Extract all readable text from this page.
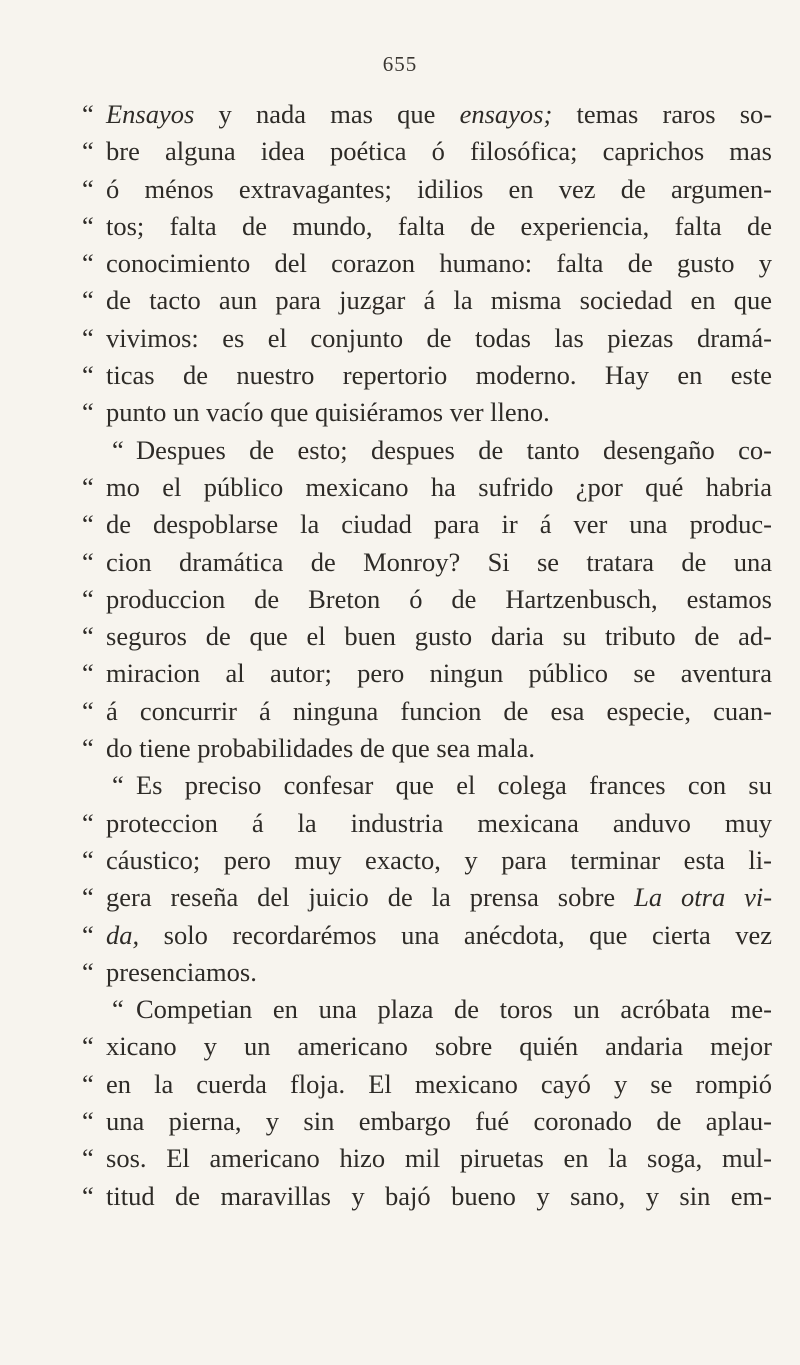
655
“ Ensayos y nada mas que ensayos; temas raros so-
“ bre alguna idea poética ó filosófica; caprichos mas
“ ó ménos extravagantes; idilios en vez de argumen-
“ tos; falta de mundo, falta de experiencia, falta de
“ conocimiento del corazon humano: falta de gusto y
“ de tacto aun para juzgar á la misma sociedad en que
“ vivimos: es el conjunto de todas las piezas dramá-
“ ticas de nuestro repertorio moderno. Hay en este
“ punto un vacío que quisiéramos ver lleno.
“ Despues de esto; despues de tanto desengaño co-
“ mo el público mexicano ha sufrido ¿por qué habria
“ de despoblarse la ciudad para ir á ver una produc-
“ cion dramática de Monroy? Si se tratara de una
“ produccion de Breton ó de Hartzenbusch, estamos
“ seguros de que el buen gusto daria su tributo de ad-
“ miracion al autor; pero ningun público se aventura
“ á concurrir á ninguna funcion de esa especie, cuan-
“ do tiene probabilidades de que sea mala.
“ Es preciso confesar que el colega frances con su
“ proteccion á la industria mexicana anduvo muy
“ cáustico; pero muy exacto, y para terminar esta li-
“ gera reseña del juicio de la prensa sobre La otra vi-
“ da, solo recordarémos una anécdota, que cierta vez
“ presenciamos.
“ Competian en una plaza de toros un acróbata me-
“ xicano y un americano sobre quién andaria mejor
“ en la cuerda floja. El mexicano cayó y se rompió
“ una pierna, y sin embargo fué coronado de aplau-
“ sos. El americano hizo mil piruetas en la soga, mul-
“ titud de maravillas y bajó bueno y sano, y sin em-
